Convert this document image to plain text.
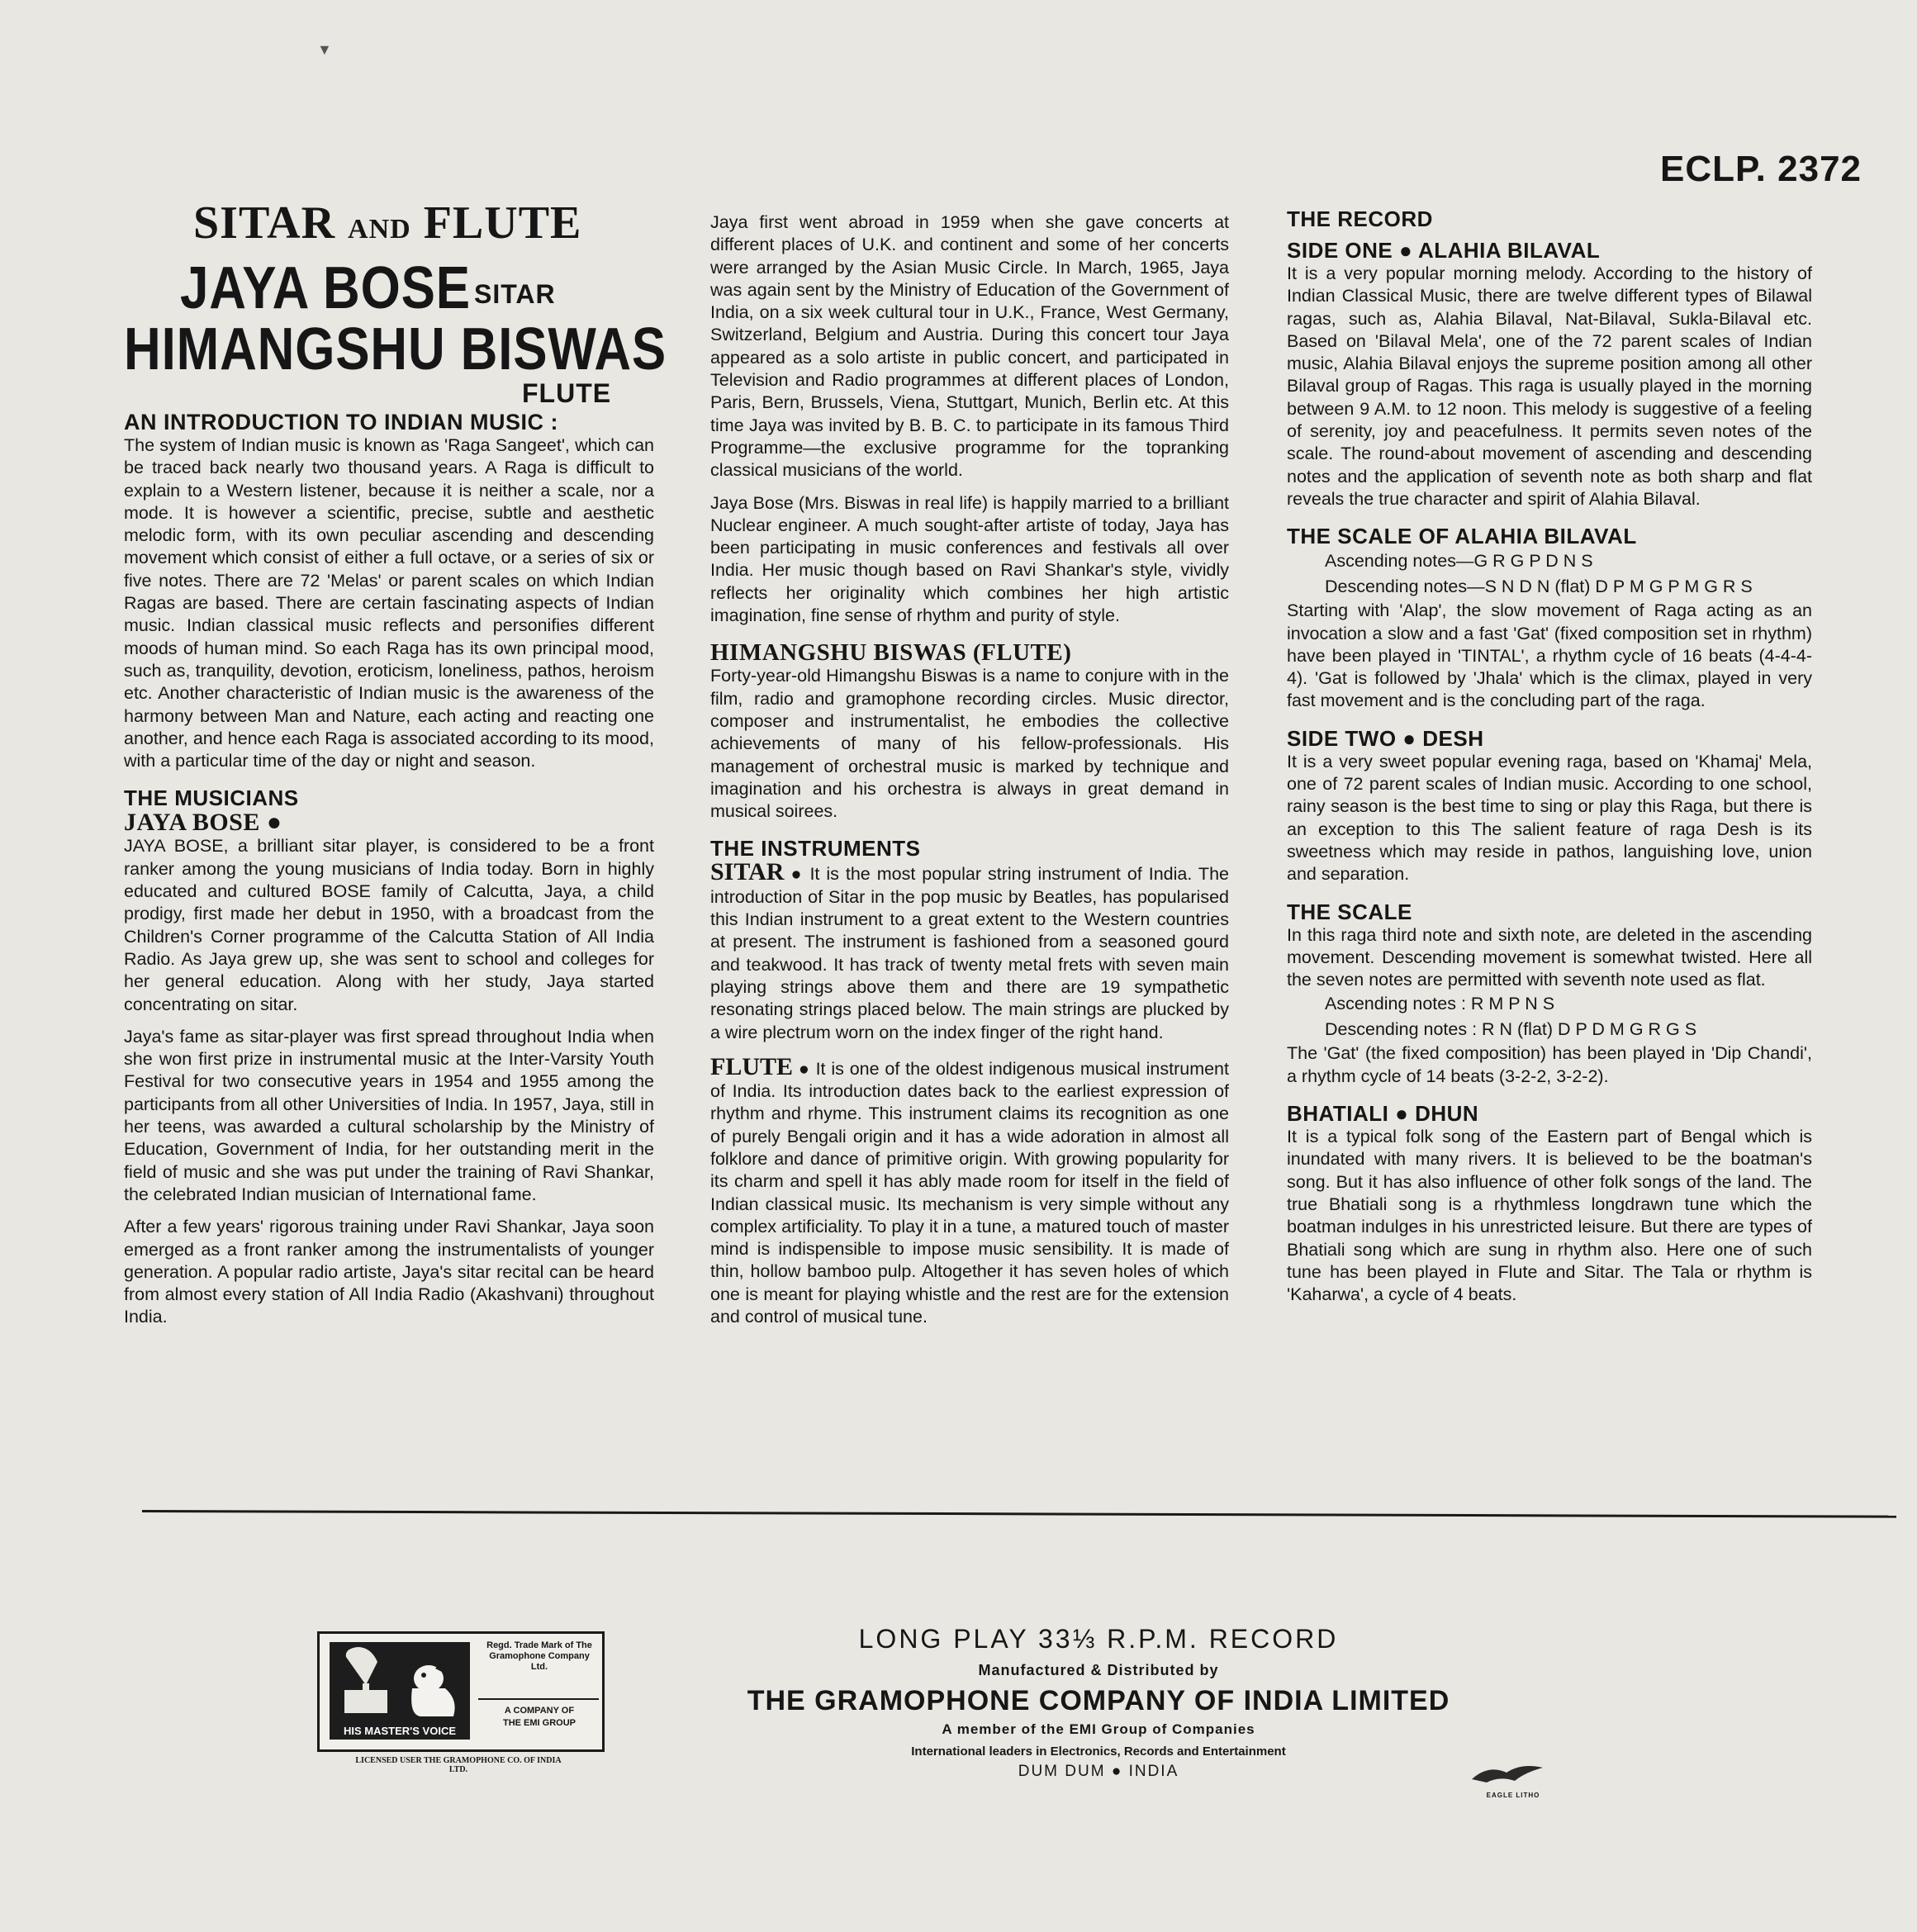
▼
ECLP. 2372
SITAR AND FLUTE
JAYA BOSE SITAR
HIMANGSHU BISWAS
FLUTE

AN INTRODUCTION TO INDIAN MUSIC :

The system of Indian music is known as 'Raga Sangeet', which can be traced back nearly two thousand years. A Raga is difficult to explain to a Western listener, because it is neither a scale, nor a mode. It is however a scientific, precise, subtle and aesthetic melodic form, with its own peculiar ascending and descending movement which consist of either a full octave, or a series of six or five notes. There are 72 'Melas' or parent scales on which Indian Ragas are based. There are certain fascinating aspects of Indian music. Indian classical music reflects and personifies different moods of human mind. So each Raga has its own principal mood, such as, tranquility, devotion, eroticism, loneliness, pathos, heroism etc. Another characteristic of Indian music is the awareness of the harmony between Man and Nature, each acting and reacting one another, and hence each Raga is associated according to its mood, with a particular time of the day or night and season.

THE MUSICIANS

JAYA BOSE ●

JAYA BOSE, a brilliant sitar player, is considered to be a front ranker among the young musicians of India today. Born in highly educated and cultured BOSE family of Calcutta, Jaya, a child prodigy, first made her debut in 1950, with a broadcast from the Children's Corner programme of the Calcutta Station of All India Radio. As Jaya grew up, she was sent to school and colleges for her general education. Along with her study, Jaya started concentrating on sitar.

Jaya's fame as sitar-player was first spread throughout India when she won first prize in instrumental music at the Inter-Varsity Youth Festival for two consecutive years in 1954 and 1955 among the participants from all other Universities of India. In 1957, Jaya, still in her teens, was awarded a cultural scholarship by the Ministry of Education, Government of India, for her outstanding merit in the field of music and she was put under the training of Ravi Shankar, the celebrated Indian musician of International fame.

After a few years' rigorous training under Ravi Shankar, Jaya soon emerged as a front ranker among the instrumentalists of younger generation. A popular radio artiste, Jaya's sitar recital can be heard from almost every station of All India Radio (Akashvani) throughout India.

Jaya first went abroad in 1959 when she gave concerts at different places of U.K. and continent and some of her concerts were arranged by the Asian Music Circle. In March, 1965, Jaya was again sent by the Ministry of Education of the Government of India, on a six week cultural tour in U.K., France, West Germany, Switzerland, Belgium and Austria. During this concert tour Jaya appeared as a solo artiste in public concert, and participated in Television and Radio programmes at different places of London, Paris, Bern, Brussels, Viena, Stuttgart, Munich, Berlin etc. At this time Jaya was invited by B. B. C. to participate in its famous Third Programme—the exclusive programme for the topranking classical musicians of the world.

Jaya Bose (Mrs. Biswas in real life) is happily married to a brilliant Nuclear engineer. A much sought-after artiste of today, Jaya has been participating in music conferences and festivals all over India. Her music though based on Ravi Shankar's style, vividly reflects her originality which combines her high artistic imagination, fine sense of rhythm and purity of style.

HIMANGSHU BISWAS (FLUTE)

Forty-year-old Himangshu Biswas is a name to conjure with in the film, radio and gramophone recording circles. Music director, composer and instrumentalist, he embodies the collective achievements of many of his fellow-professionals. His management of orchestral music is marked by technique and imagination and his orchestra is always in great demand in musical soirees.

THE INSTRUMENTS

SITAR ● It is the most popular string instrument of India. The introduction of Sitar in the pop music by Beatles, has popularised this Indian instrument to a great extent to the Western countries at present. The instrument is fashioned from a seasoned gourd and teakwood. It has track of twenty metal frets with seven main playing strings above them and there are 19 sympathetic resonating strings placed below. The main strings are plucked by a wire plectrum worn on the index finger of the right hand.

FLUTE ● It is one of the oldest indigenous musical instrument of India. Its introduction dates back to the earliest expression of rhythm and rhyme. This instrument claims its recognition as one of purely Bengali origin and it has a wide adoration in almost all folklore and dance of primitive origin. With growing popularity for its charm and spell it has ably made room for itself in the field of Indian classical music. Its mechanism is very simple without any complex artificiality. To play it in a tune, a matured touch of master mind is indispensible to impose music sensibility. It is made of thin, hollow bamboo pulp. Altogether it has seven holes of which one is meant for playing whistle and the rest are for the extension and control of musical tune.

THE RECORD

SIDE ONE ● ALAHIA BILAVAL

It is a very popular morning melody. According to the history of Indian Classical Music, there are twelve different types of Bilawal ragas, such as, Alahia Bilaval, Nat-Bilaval, Sukla-Bilaval etc. Based on 'Bilaval Mela', one of the 72 parent scales of Indian music, Alahia Bilaval enjoys the supreme position among all other Bilaval group of Ragas. This raga is usually played in the morning between 9 A.M. to 12 noon. This melody is suggestive of a feeling of serenity, joy and peacefulness. It permits seven notes of the scale. The round-about movement of ascending and descending notes and the application of seventh note as both sharp and flat reveals the true character and spirit of Alahia Bilaval.

THE SCALE OF ALAHIA BILAVAL

Ascending notes—G R G P D N S

Descending notes—S N D N (flat) D P M G P M G R S

Starting with 'Alap', the slow movement of Raga acting as an invocation a slow and a fast 'Gat' (fixed composition set in rhythm) have been played in 'TINTAL', a rhythm cycle of 16 beats (4-4-4-4). 'Gat is followed by 'Jhala' which is the climax, played in very fast movement and is the concluding part of the raga.

SIDE TWO ● DESH

It is a very sweet popular evening raga, based on 'Khamaj' Mela, one of 72 parent scales of Indian music. According to one school, rainy season is the best time to sing or play this Raga, but there is an exception to this The salient feature of raga Desh is its sweetness which may reside in pathos, languishing love, union and separation.

THE SCALE

In this raga third note and sixth note, are deleted in the ascending movement. Descending movement is somewhat twisted. Here all the seven notes are permitted with seventh note used as flat.

Ascending notes : R M P N S

Descending notes : R N (flat) D P D M G R G S

The 'Gat' (the fixed composition) has been played in 'Dip Chandi', a rhythm cycle of 14 beats (3-2-2, 3-2-2).

BHATIALI ● DHUN

It is a typical folk song of the Eastern part of Bengal which is inundated with many rivers. It is believed to be the boatman's song. But it has also influence of other folk songs of the land. The true Bhatiali song is a rhythmless longdrawn tune which the boatman indulges in his unrestricted leisure. But there are types of Bhatiali song which are sung in rhythm also. Here one of such tune has been played in Flute and Sitar. The Tala or rhythm is 'Kaharwa', a cycle of 4 beats.

HIS MASTER'S VOICE
Regd. Trade Mark of The Gramophone Company Ltd.
A COMPANY OF
THE EMI GROUP
LICENSED USER THE GRAMOPHONE CO. OF INDIA LTD.

LONG PLAY 33⅓ R.P.M. RECORD

Manufactured & Distributed by

THE GRAMOPHONE COMPANY OF INDIA LIMITED

A member of the EMI Group of Companies

International leaders in Electronics, Records and Entertainment

DUM DUM ● INDIA

EAGLE LITHO
